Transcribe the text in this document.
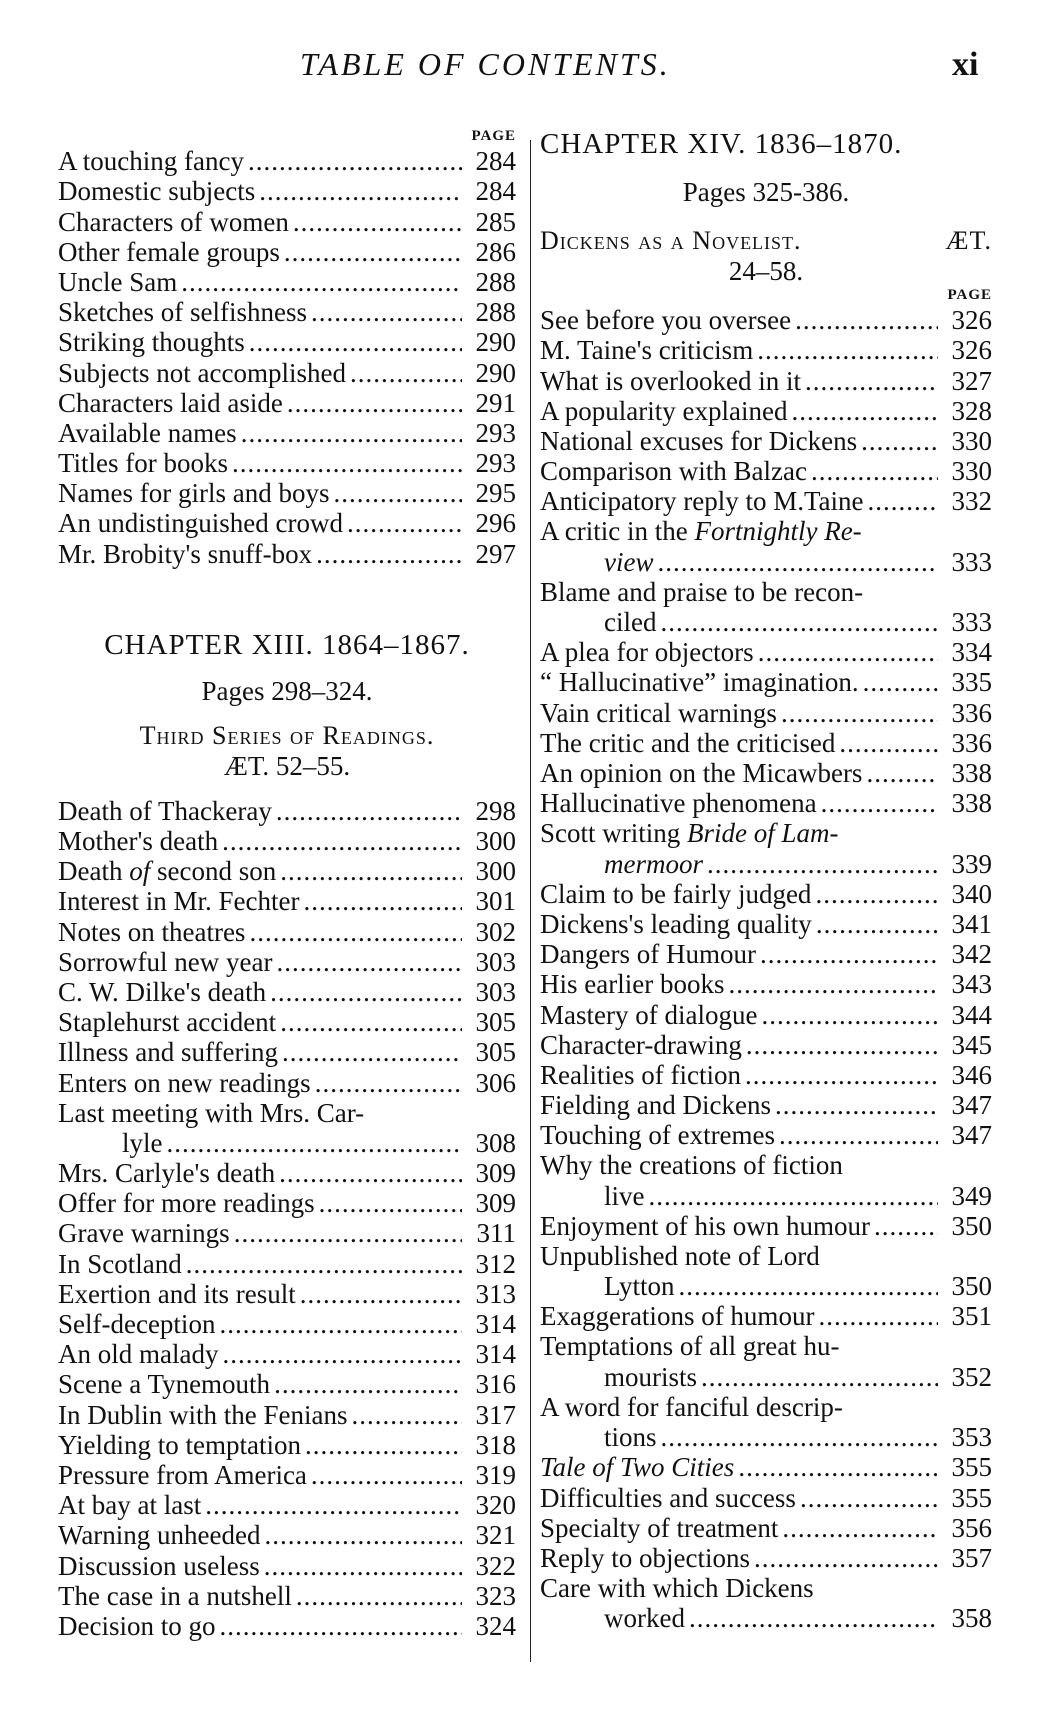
TABLE OF CONTENTS.	xi
PAGE
A touching fancy .....	284
Domestic subjects .....	284
Characters of women .....	285
Other female groups .....	286
Uncle Sam .....	288
Sketches of selfishness .....	288
Striking thoughts .....	290
Subjects not accomplished .....	290
Characters laid aside .....	291
Available names .....	293
Titles for books .....	293
Names for girls and boys .....	295
An undistinguished crowd .....	296
Mr. Brobity's snuff-box .....	297
CHAPTER XIII. 1864–1867.
Pages 298–324.
Third Series of Readings.
ÆT. 52–55.
Death of Thackeray .....	298
Mother's death .....	300
Death of second son .....	300
Interest in Mr. Fechter .....	301
Notes on theatres .....	302
Sorrowful new year .....	303
C. W. Dilke's death .....	303
Staplehurst accident .....	305
Illness and suffering .....	305
Enters on new readings .....	306
Last meeting with Mrs. Car-
lyle .....	308
Mrs. Carlyle's death .....	309
Offer for more readings .....	309
Grave warnings .....	311
In Scotland .....	312
Exertion and its result .....	313
Self-deception .....	314
An old malady .....	314
Scene a Tynemouth .....	316
In Dublin with the Fenians .....	317
Yielding to temptation .....	318
Pressure from America .....	319
At bay at last .....	320
Warning unheeded .....	321
Discussion useless .....	322
The case in a nutshell .....	323
Decision to go .....	324
CHAPTER XIV. 1836–1870.
Pages 325-386.
Dickens as a Novelist.	ÆT.
24–58.
PAGE
See before you oversee .....	326
M. Taine's criticism .....	326
What is overlooked in it .....	327
A popularity explained .....	328
National excuses for Dickens .....	330
Comparison with Balzac .....	330
Anticipatory reply to M.Taine .....	332
A critic in the Fortnightly Re-
view .....	333
Blame and praise to be recon-
ciled .....	333
A plea for objectors .....	334
“ Hallucinative” imagination. .....	335
Vain critical warnings .....	336
The critic and the criticised .....	336
An opinion on the Micawbers .....	338
Hallucinative phenomena .....	338
Scott writing Bride of Lam-
mermoor .....	339
Claim to be fairly judged .....	340
Dickens's leading quality .....	341
Dangers of Humour .....	342
His earlier books .....	343
Mastery of dialogue .....	344
Character-drawing .....	345
Realities of fiction .....	346
Fielding and Dickens .....	347
Touching of extremes .....	347
Why the creations of fiction
live .....	349
Enjoyment of his own humour .....	350
Unpublished note of Lord
Lytton .....	350
Exaggerations of humour .....	351
Temptations of all great hu-
mourists .....	352
A word for fanciful descrip-
tions .....	353
Tale of Two Cities .....	355
Difficulties and success .....	355
Specialty of treatment .....	356
Reply to objections .....	357
Care with which Dickens
worked .....	358
